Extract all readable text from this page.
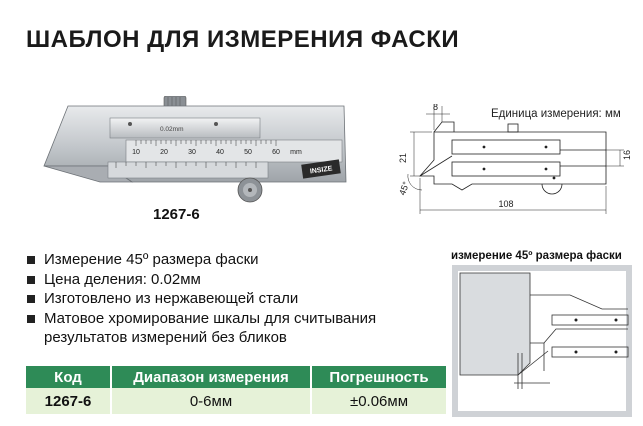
ШАБЛОН ДЛЯ ИЗМЕРЕНИЯ ФАСКИ
0.02mm
10	20	30	40	50	60 mm
INSIZE
1267-6
Единица измерения: мм
8
21
45°
108
16
Измерение 45º размера фаски
Цена деления: 0.02мм
Изготовлено из нержавеющей стали
Матовое хромирование шкалы для считывания результатов измерений без бликов
Код	Диапазон измерения	Погрешность
1267-6	0-6мм	±0.06мм
измерение 45º размера фаски
